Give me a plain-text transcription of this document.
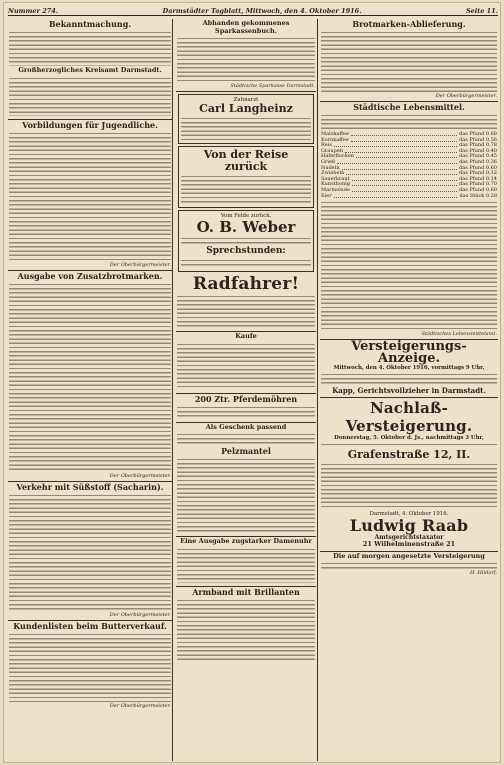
Nummer 274.	Darmstädter Tagblatt, Mittwoch, den 4. Oktober 1916.	Seite 11.
Bekanntmachung.
Großherzogliches Kreisamt Darmstadt.
Vorbildungen für Jugendliche.
Der Oberbürgermeister.
Ausgabe von Zusatzbrotmarken.
Der Oberbürgermeister.
Verkehr mit Süßstoff (Sacharin).
Der Oberbürgermeister.
Kundenlisten beim Butterverkauf.
Der Oberbürgermeister.
Abhanden gekommenes Sparkassenbuch.
Städtische Sparkasse Darmstadt.
Zahnarzt
Carl Langheinz
Von der Reise zurück
Vom Felde zurück.
O. B. Weber
Sprechstunden:
Radfahrer!
Kaufe
200 Ztr. Pferdemöhren
Als Geschenk passend
Pelzmantel
Eine Ausgabe zugstarker Damenuhr
Armband mit Brillanten
Brotmarken-Ablieferung.
Der Oberbürgermeister.
Städtische Lebensmittel.
Malzkaffee	das Pfund 0.68
Kornkaffee	das Pfund 0.56
Reis	das Pfund 0.78
Graupen	das Pfund 0.40
Haferflocken	das Pfund 0.45
Grieß	das Pfund 0.36
Nudeln	das Pfund 0.60
Zwiebeln	das Pfund 0.12
Sauerkraut	das Pfund 0.14
Kunsthonig	das Pfund 0.70
Marmelade	das Pfund 0.60
Eier	das Stück 0.28
Städtisches Lebensmittelamt.
Versteigerungs-Anzeige.
Mittwoch, den 4. Oktober 1916, vormittags 9 Uhr,
Kapp, Gerichtsvollzieher in Darmstadt.
Nachlaß-Versteigerung.
Donnerstag, 5. Oktober d. Js., nachmittags 3 Uhr,
Grafenstraße 12, II.
Darmstadt, 4. Oktober 1916.
Ludwig Raab
Amtsgerichtstaxator
21 Wilhelminenstraße 21
Die auf morgen angesetzte Versteigerung
H. Hildorf.
